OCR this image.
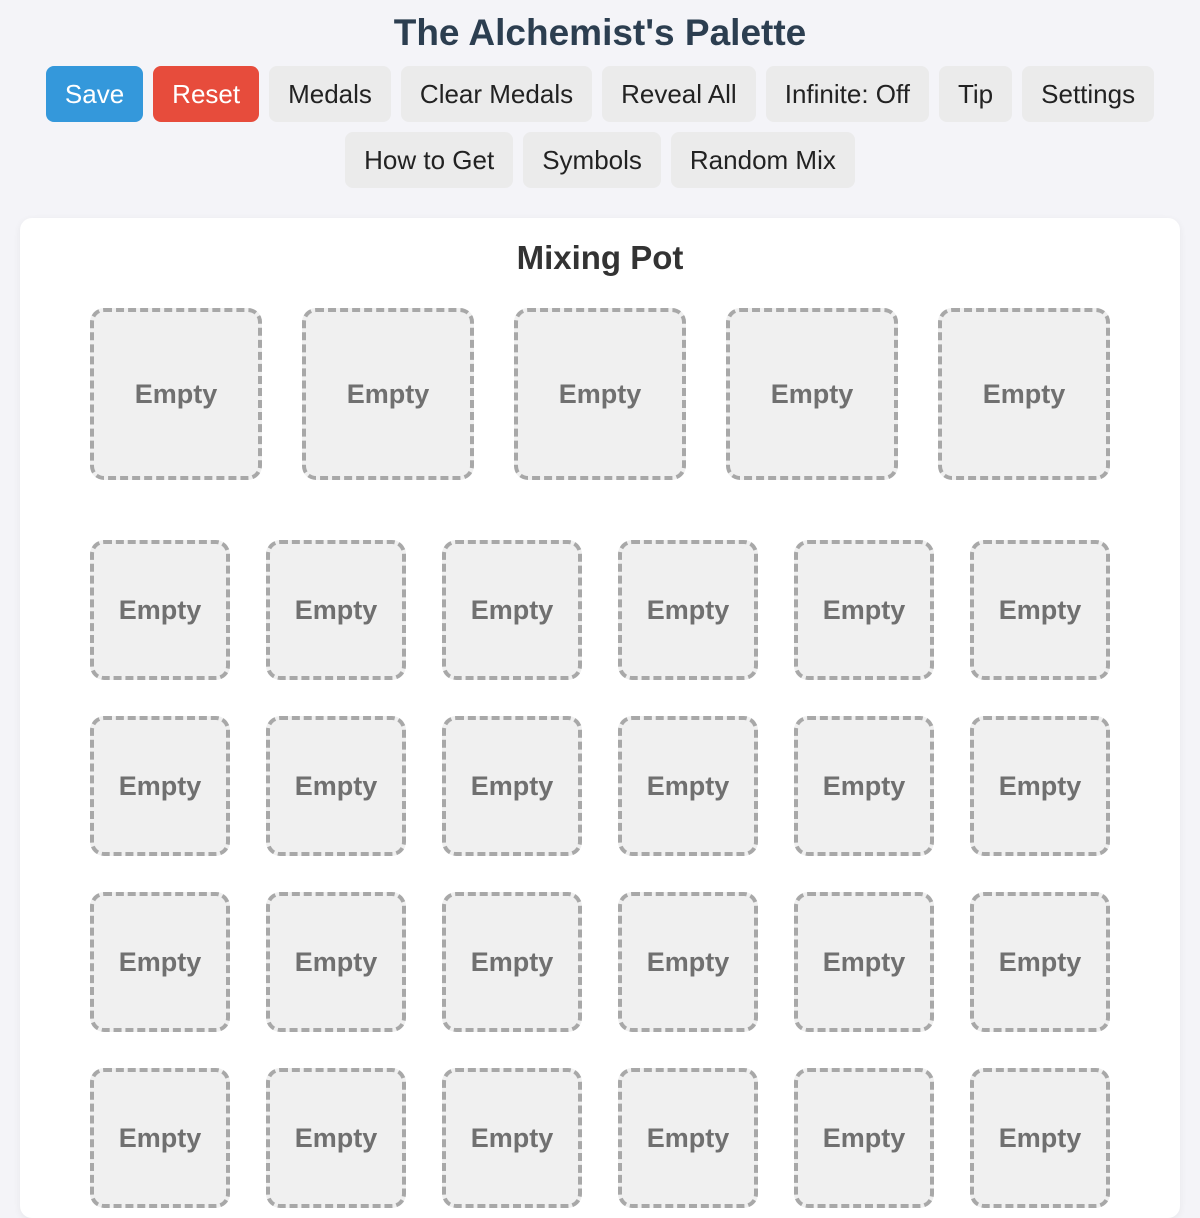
The Alchemist's Palette
Save	Reset	Medals	Clear Medals	Reveal All	Infinite: Off	Tip	Settings
How to Get	Symbols	Random Mix
Mixing Pot
Empty	Empty	Empty	Empty	Empty
Empty	Empty	Empty	Empty	Empty	Empty
Empty	Empty	Empty	Empty	Empty	Empty
Empty	Empty	Empty	Empty	Empty	Empty
Empty	Empty	Empty	Empty	Empty	Empty
